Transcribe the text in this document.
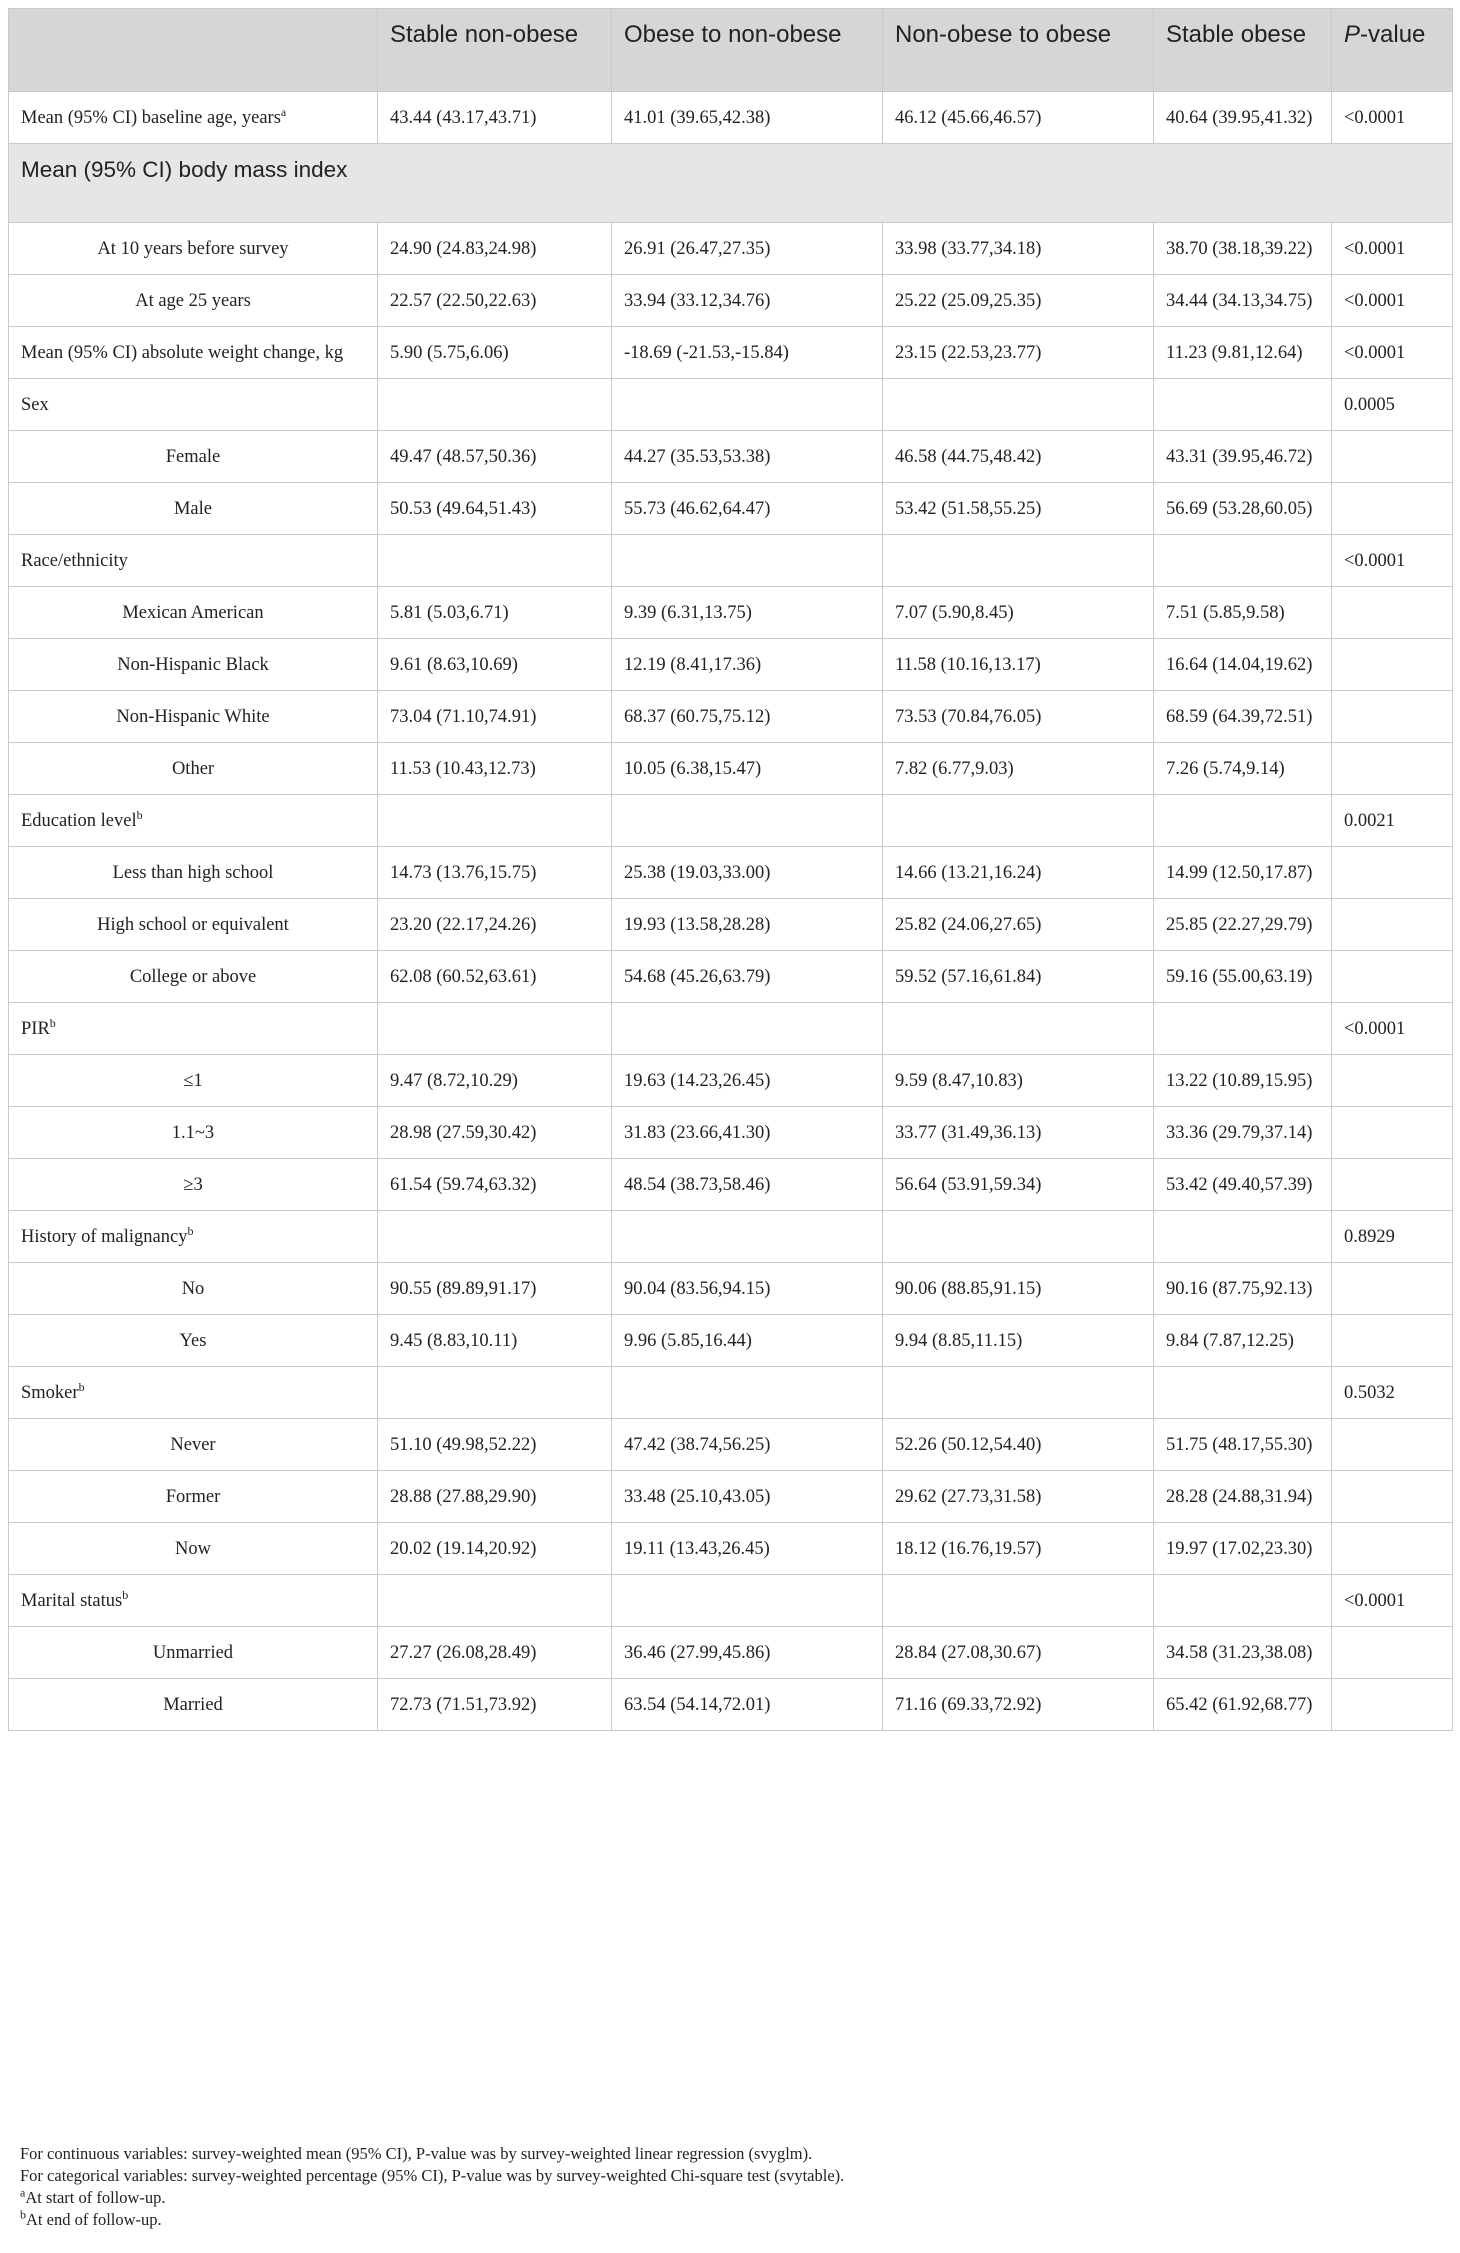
	Stable non-obese	Obese to non-obese	Non-obese to obese	Stable obese	P-value
Mean (95% CI) baseline age, years$^a$	43.44 (43.17,43.71)	41.01 (39.65,42.38)	46.12 (45.66,46.57)	40.64 (39.95,41.32)	<0.0001
Mean (95% CI) body mass index					
At 10 years before survey	24.90 (24.83,24.98)	26.91 (26.47,27.35)	33.98 (33.77,34.18)	38.70 (38.18,39.22)	<0.0001
At age 25 years	22.57 (22.50,22.63)	33.94 (33.12,34.76)	25.22 (25.09,25.35)	34.44 (34.13,34.75)	<0.0001
Mean (95% CI) absolute weight change, kg	5.90 (5.75,6.06)	-18.69 (-21.53,-15.84)	23.15 (22.53,23.77)	11.23 (9.81,12.64)	<0.0001
Sex					0.0005
Female	49.47 (48.57,50.36)	44.27 (35.53,53.38)	46.58 (44.75,48.42)	43.31 (39.95,46.72)	
Male	50.53 (49.64,51.43)	55.73 (46.62,64.47)	53.42 (51.58,55.25)	56.69 (53.28,60.05)	
Race/ethnicity					<0.0001
Mexican American	5.81 (5.03,6.71)	9.39 (6.31,13.75)	7.07 (5.90,8.45)	7.51 (5.85,9.58)	
Non-Hispanic Black	9.61 (8.63,10.69)	12.19 (8.41,17.36)	11.58 (10.16,13.17)	16.64 (14.04,19.62)	
Non-Hispanic White	73.04 (71.10,74.91)	68.37 (60.75,75.12)	73.53 (70.84,76.05)	68.59 (64.39,72.51)	
Other	11.53 (10.43,12.73)	10.05 (6.38,15.47)	7.82 (6.77,9.03)	7.26 (5.74,9.14)	
Education level$^b$					0.0021
Less than high school	14.73 (13.76,15.75)	25.38 (19.03,33.00)	14.66 (13.21,16.24)	14.99 (12.50,17.87)	
High school or equivalent	23.20 (22.17,24.26)	19.93 (13.58,28.28)	25.82 (24.06,27.65)	25.85 (22.27,29.79)	
College or above	62.08 (60.52,63.61)	54.68 (45.26,63.79)	59.52 (57.16,61.84)	59.16 (55.00,63.19)	
PIR$^b$					<0.0001
≤1	9.47 (8.72,10.29)	19.63 (14.23,26.45)	9.59 (8.47,10.83)	13.22 (10.89,15.95)	
1.1~3	28.98 (27.59,30.42)	31.83 (23.66,41.30)	33.77 (31.49,36.13)	33.36 (29.79,37.14)	
≥3	61.54 (59.74,63.32)	48.54 (38.73,58.46)	56.64 (53.91,59.34)	53.42 (49.40,57.39)	
History of malignancy$^b$					0.8929
No	90.55 (89.89,91.17)	90.04 (83.56,94.15)	90.06 (88.85,91.15)	90.16 (87.75,92.13)	
Yes	9.45 (8.83,10.11)	9.96 (5.85,16.44)	9.94 (8.85,11.15)	9.84 (7.87,12.25)	
Smoker$^b$					0.5032
Never	51.10 (49.98,52.22)	47.42 (38.74,56.25)	52.26 (50.12,54.40)	51.75 (48.17,55.30)	
Former	28.88 (27.88,29.90)	33.48 (25.10,43.05)	29.62 (27.73,31.58)	28.28 (24.88,31.94)	
Now	20.02 (19.14,20.92)	19.11 (13.43,26.45)	18.12 (16.76,19.57)	19.97 (17.02,23.30)	
Marital status$^b$					<0.0001
Unmarried	27.27 (26.08,28.49)	36.46 (27.99,45.86)	28.84 (27.08,30.67)	34.58 (31.23,38.08)	
Married	72.73 (71.51,73.92)	63.54 (54.14,72.01)	71.16 (69.33,72.92)	65.42 (61.92,68.77)	
For continuous variables: survey-weighted mean (95% CI), P-value was by survey-weighted linear regression (svyglm).
For categorical variables: survey-weighted percentage (95% CI), P-value was by survey-weighted Chi-square test (svytable).
$^a$At start of follow-up.
$^b$At end of follow-up.
